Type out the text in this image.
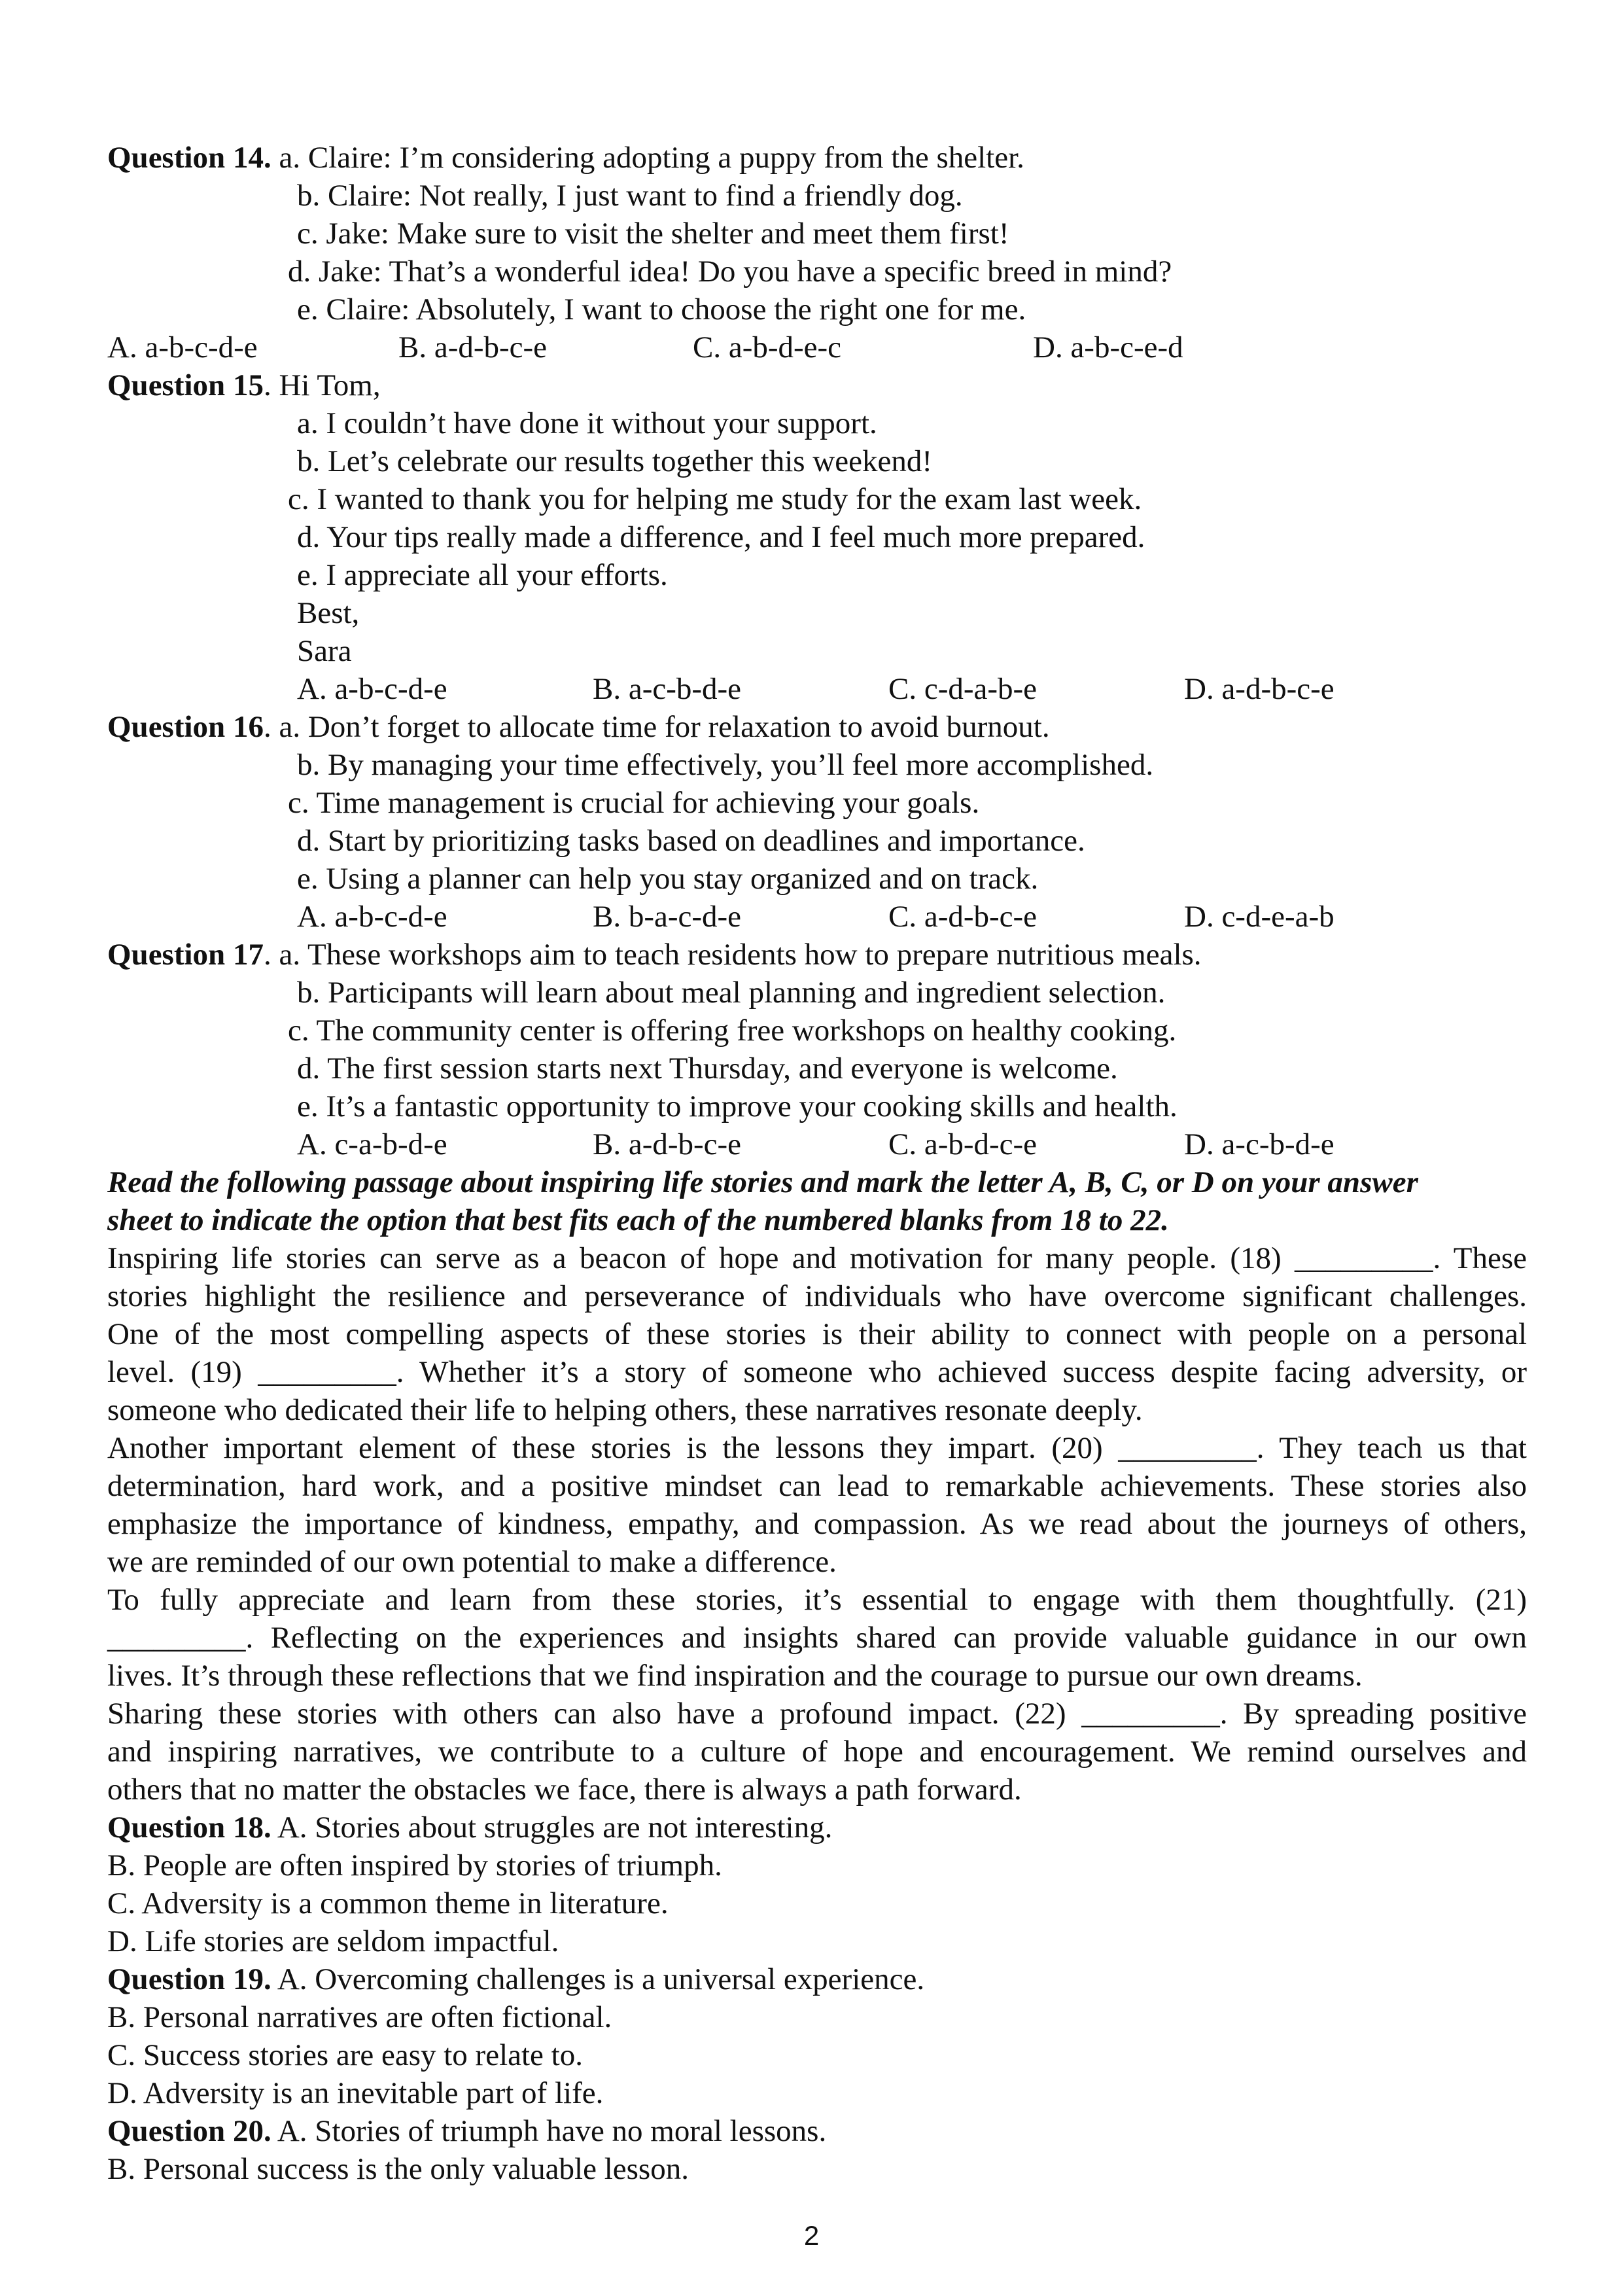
Question 14. a. Claire: I’m considering adopting a puppy from the shelter.
b. Claire: Not really, I just want to find a friendly dog.
c. Jake: Make sure to visit the shelter and meet them first!
d. Jake: That’s a wonderful idea! Do you have a specific breed in mind?
e. Claire: Absolutely, I want to choose the right one for me.
A. a-b-c-d-e	B. a-d-b-c-e	C. a-b-d-e-c	D. a-b-c-e-d
Question 15. Hi Tom,
a. I couldn’t have done it without your support.
b. Let’s celebrate our results together this weekend!
c. I wanted to thank you for helping me study for the exam last week.
d. Your tips really made a difference, and I feel much more prepared.
e. I appreciate all your efforts.
Best,
Sara
A. a-b-c-d-e	B. a-c-b-d-e	C. c-d-a-b-e	D. a-d-b-c-e
Question 16. a. Don’t forget to allocate time for relaxation to avoid burnout.
b. By managing your time effectively, you’ll feel more accomplished.
c. Time management is crucial for achieving your goals.
d. Start by prioritizing tasks based on deadlines and importance.
e. Using a planner can help you stay organized and on track.
A. a-b-c-d-e	B. b-a-c-d-e	C. a-d-b-c-e	D. c-d-e-a-b
Question 17. a. These workshops aim to teach residents how to prepare nutritious meals.
b. Participants will learn about meal planning and ingredient selection.
c. The community center is offering free workshops on healthy cooking.
d. The first session starts next Thursday, and everyone is welcome.
e. It’s a fantastic opportunity to improve your cooking skills and health.
A. c-a-b-d-e	B. a-d-b-c-e	C. a-b-d-c-e	D. a-c-b-d-e
Read the following passage about inspiring life stories and mark the letter A, B, C, or D on your answer
sheet to indicate the option that best fits each of the numbered blanks from 18 to 22.
Inspiring life stories can serve as a beacon of hope and motivation for many people. (18) _________. These
stories highlight the resilience and perseverance of individuals who have overcome significant challenges.
One of the most compelling aspects of these stories is their ability to connect with people on a personal
level. (19) _________. Whether it’s a story of someone who achieved success despite facing adversity, or
someone who dedicated their life to helping others, these narratives resonate deeply.
Another important element of these stories is the lessons they impart. (20) _________. They teach us that
determination, hard work, and a positive mindset can lead to remarkable achievements. These stories also
emphasize the importance of kindness, empathy, and compassion. As we read about the journeys of others,
we are reminded of our own potential to make a difference.
To fully appreciate and learn from these stories, it’s essential to engage with them thoughtfully. (21)
_________. Reflecting on the experiences and insights shared can provide valuable guidance in our own
lives. It’s through these reflections that we find inspiration and the courage to pursue our own dreams.
Sharing these stories with others can also have a profound impact. (22) _________. By spreading positive
and inspiring narratives, we contribute to a culture of hope and encouragement. We remind ourselves and
others that no matter the obstacles we face, there is always a path forward.
Question 18. A. Stories about struggles are not interesting.
B. People are often inspired by stories of triumph.
C. Adversity is a common theme in literature.
D. Life stories are seldom impactful.
Question 19. A. Overcoming challenges is a universal experience.
B. Personal narratives are often fictional.
C. Success stories are easy to relate to.
D. Adversity is an inevitable part of life.
Question 20. A. Stories of triumph have no moral lessons.
B. Personal success is the only valuable lesson.
2
